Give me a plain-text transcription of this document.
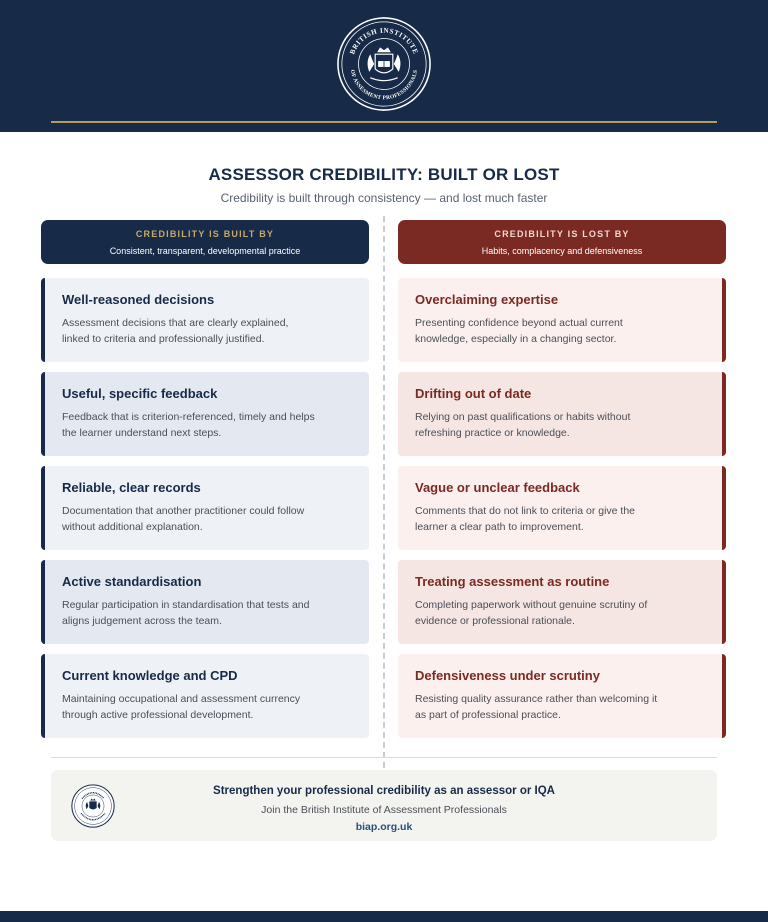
BRITISH INSTITUTE
OF ASSESMENT PROFESSIONALS
ASSESSOR CREDIBILITY: BUILT OR LOST
Credibility is built through consistency — and lost much faster
CREDIBILITY IS BUILT BY
Consistent, transparent, developmental practice
CREDIBILITY IS LOST BY
Habits, complacency and defensiveness
Well-reasoned decisions
Assessment decisions that are clearly explained, linked to criteria and professionally justified.
Useful, specific feedback
Feedback that is criterion-referenced, timely and helps the learner understand next steps.
Reliable, clear records
Documentation that another practitioner could follow without additional explanation.
Active standardisation
Regular participation in standardisation that tests and aligns judgement across the team.
Current knowledge and CPD
Maintaining occupational and assessment currency through active professional development.
Overclaiming expertise
Presenting confidence beyond actual current knowledge, especially in a changing sector.
Drifting out of date
Relying on past qualifications or habits without refreshing practice or knowledge.
Vague or unclear feedback
Comments that do not link to criteria or give the learner a clear path to improvement.
Treating assessment as routine
Completing paperwork without genuine scrutiny of evidence or professional rationale.
Defensiveness under scrutiny
Resisting quality assurance rather than welcoming it as part of professional practice.
Strengthen your professional credibility as an assessor or IQA
Join the British Institute of Assessment Professionals
biap.org.uk
